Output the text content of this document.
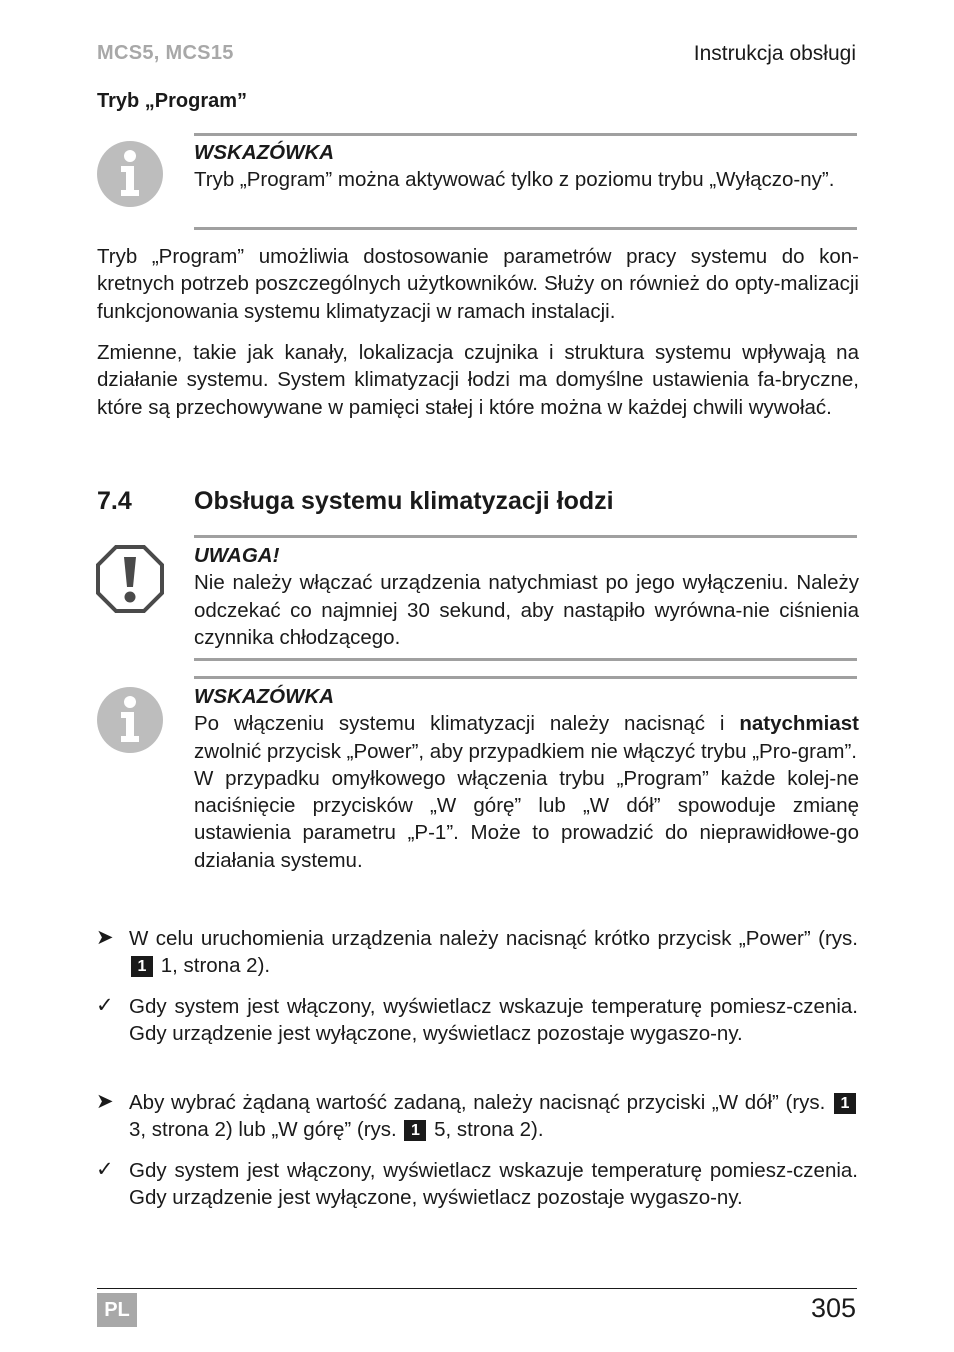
MCS5, MCS15	Instrukcja obsługi
Tryb „Program”
WSKAZÓWKA
Tryb „Program” można aktywować tylko z poziomu trybu „Wyłączo-ny”.
Tryb „Program” umożliwia dostosowanie parametrów pracy systemu do kon-kretnych potrzeb poszczególnych użytkowników. Służy on również do opty-malizacji funkcjonowania systemu klimatyzacji w ramach instalacji.
Zmienne, takie jak kanały, lokalizacja czujnika i struktura systemu wpływają na działanie systemu. System klimatyzacji łodzi ma domyślne ustawienia fa-bryczne, które są przechowywane w pamięci stałej i które można w każdej chwili wywołać.
7.4 Obsługa systemu klimatyzacji łodzi
UWAGA!
Nie należy włączać urządzenia natychmiast po jego wyłączeniu. Należy odczekać co najmniej 30 sekund, aby nastąpiło wyrówna-nie ciśnienia czynnika chłodzącego.
WSKAZÓWKA
Po włączeniu systemu klimatyzacji należy nacisnąć i natychmiast zwolnić przycisk „Power”, aby przypadkiem nie włączyć trybu „Pro-gram”.
W przypadku omyłkowego włączenia trybu „Program” każde kolej-ne naciśnięcie przycisków „W górę” lub „W dół” spowoduje zmianę ustawienia parametru „P-1”. Może to prowadzić do nieprawidłowe-go działania systemu.
➤ W celu uruchomienia urządzenia należy nacisnąć krótko przycisk „Power” (rys. 1 1, strona 2).
✓ Gdy system jest włączony, wyświetlacz wskazuje temperaturę pomiesz-czenia. Gdy urządzenie jest wyłączone, wyświetlacz pozostaje wygaszo-ny.
➤ Aby wybrać żądaną wartość zadaną, należy nacisnąć przyciski „W dół” (rys. 1 3, strona 2) lub „W górę” (rys. 1 5, strona 2).
✓ Gdy system jest włączony, wyświetlacz wskazuje temperaturę pomiesz-czenia. Gdy urządzenie jest wyłączone, wyświetlacz pozostaje wygaszo-ny.
PL	305
